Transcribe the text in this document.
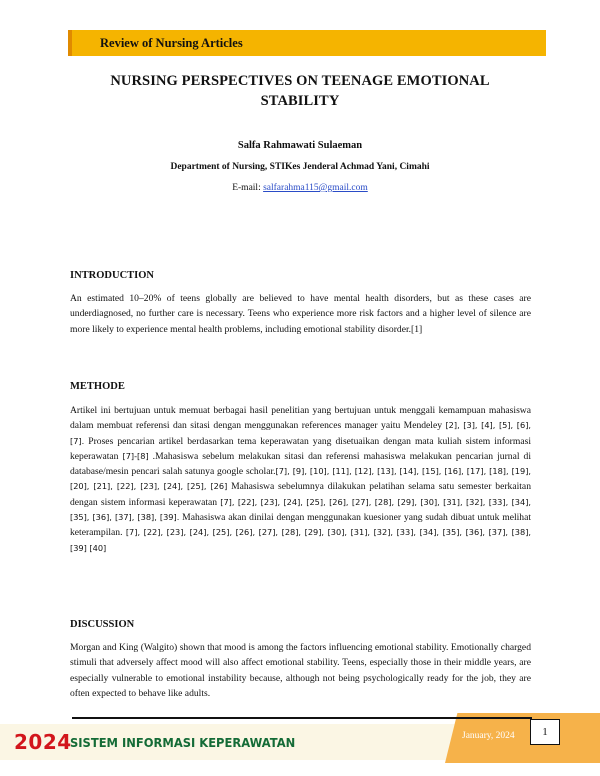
Review of Nursing Articles
NURSING PERSPECTIVES ON TEENAGE EMOTIONAL STABILITY
Salfa Rahmawati Sulaeman
Department of Nursing, STIKes Jenderal Achmad Yani, Cimahi
E-mail: salfarahma115@gmail.com
INTRODUCTION
An estimated 10–20% of teens globally are believed to have mental health disorders, but as these cases are underdiagnosed, no further care is necessary. Teens who experience more risk factors and a higher level of silence are more likely to experience mental health problems, including emotional stability disorder.[1]
METHODE
Artikel ini bertujuan untuk memuat berbagai hasil penelitian yang bertujuan untuk menggali kemampuan mahasiswa dalam membuat referensi dan sitasi dengan menggunakan references manager yaitu Mendeley [2], [3], [4], [5], [6], [7]. Proses pencarian artikel berdasarkan tema keperawatan yang disetuaikan dengan mata kuliah sistem informasi keperawatan [7]-[8] .Mahasiswa sebelum melakukan sitasi dan referensi mahasiswa melakukan pencarian jurnal di database/mesin pencari salah satunya google scholar.[7], [9], [10], [11], [12], [13], [14], [15], [16], [17], [18], [19], [20], [21], [22], [23], [24], [25], [26] Mahasiswa sebelumnya dilakukan pelatihan selama satu semester berkaitan dengan sistem informasi keperawatan [7], [22], [23], [24], [25], [26], [27], [28], [29], [30], [31], [32], [33], [34], [35], [36], [37], [38], [39]. Mahasiswa akan dinilai dengan menggunakan kuesioner yang sudah dibuat untuk melihat keterampilan. [7], [22], [23], [24], [25], [26], [27], [28], [29], [30], [31], [32], [33], [34], [35], [36], [37], [38], [39] [40]
DISCUSSION
Morgan and King (Walgito) shown that mood is among the factors influencing emotional stability. Emotionally charged stimuli that adversely affect mood will also affect emotional stability. Teens, especially those in their middle years, are especially vulnerable to emotional instability because, although not being psychologically ready for the job, they are often expected to behave like adults.
2024
SISTEM INFORMASI KEPERAWATAN	January, 2024	1
